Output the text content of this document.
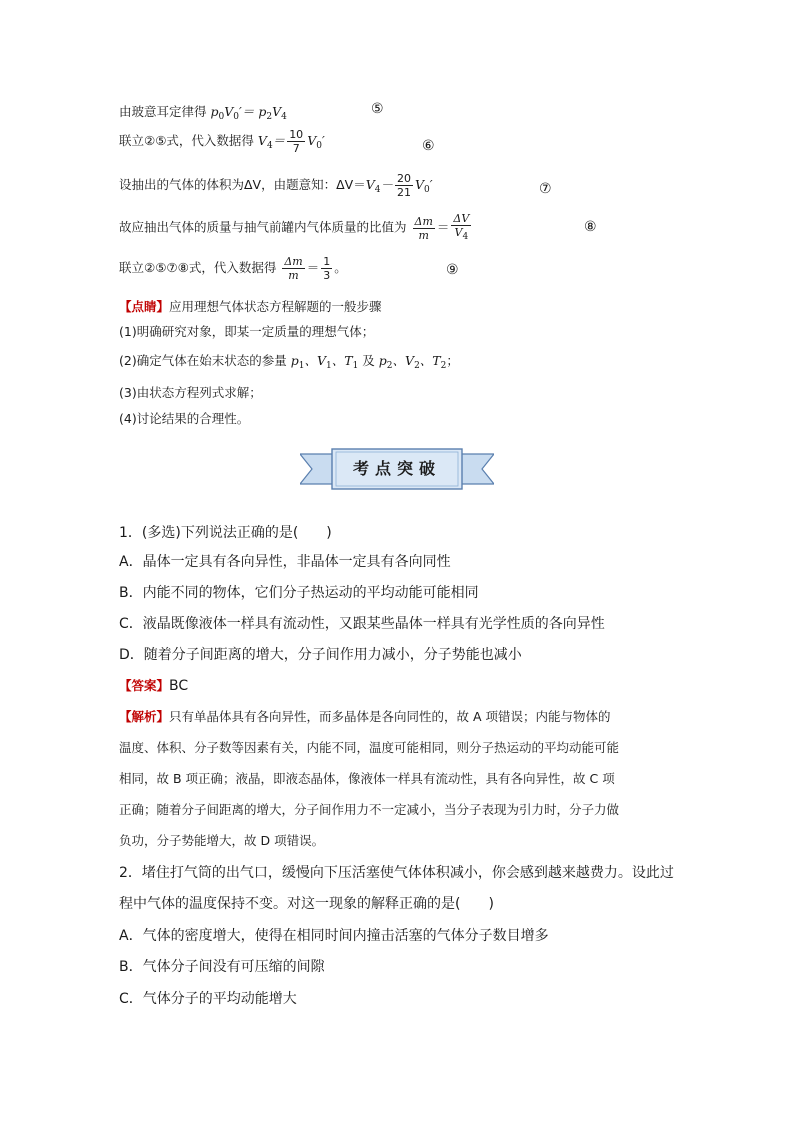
由玻意耳定律得 $p_0V_0'= p_2V_4$	⑤
联立②⑤式，代入数据得 $V_4= \frac{10}{7} V_0'$	⑥
设抽出的气体的体积为ΔV，由题意知：$\Delta V=V_4- \frac{20}{21} V_0'$	⑦
故应抽出气体的质量与抽气前罐内气体质量的比值为 $\frac{\Delta m}{m} = \frac{\Delta V}{V_4}$	⑧
联立②⑤⑦⑧式，代入数据得 $\frac{\Delta m}{m} = \frac{1}{3}$ 。	⑨
【点睛】应用理想气体状态方程解题的一般步骤
(1)明确研究对象，即某一定质量的理想气体；
(2)确定气体在始末状态的参量 $p_1$、$V_1$、$T_1$ 及 $p_2$、$V_2$、$T_2$；
(3)由状态方程列式求解；
(4)讨论结果的合理性。
考点突破
1．(多选)下列说法正确的是(　　)
A．晶体一定具有各向异性，非晶体一定具有各向同性
B．内能不同的物体，它们分子热运动的平均动能可能相同
C．液晶既像液体一样具有流动性，又跟某些晶体一样具有光学性质的各向异性
D．随着分子间距离的增大，分子间作用力减小，分子势能也减小
【答案】BC
【解析】只有单晶体具有各向异性，而多晶体是各向同性的，故 A 项错误；内能与物体的
温度、体积、分子数等因素有关，内能不同，温度可能相同，则分子热运动的平均动能可能
相同，故 B 项正确；液晶，即液态晶体，像液体一样具有流动性，具有各向异性，故 C 项
正确；随着分子间距离的增大，分子间作用力不一定减小，当分子表现为引力时，分子力做
负功，分子势能增大，故 D 项错误。
2．堵住打气筒的出气口，缓慢向下压活塞使气体体积减小，你会感到越来越费力。设此过
程中气体的温度保持不变。对这一现象的解释正确的是(　　)
A．气体的密度增大，使得在相同时间内撞击活塞的气体分子数目增多
B．气体分子间没有可压缩的间隙
C．气体分子的平均动能增大
